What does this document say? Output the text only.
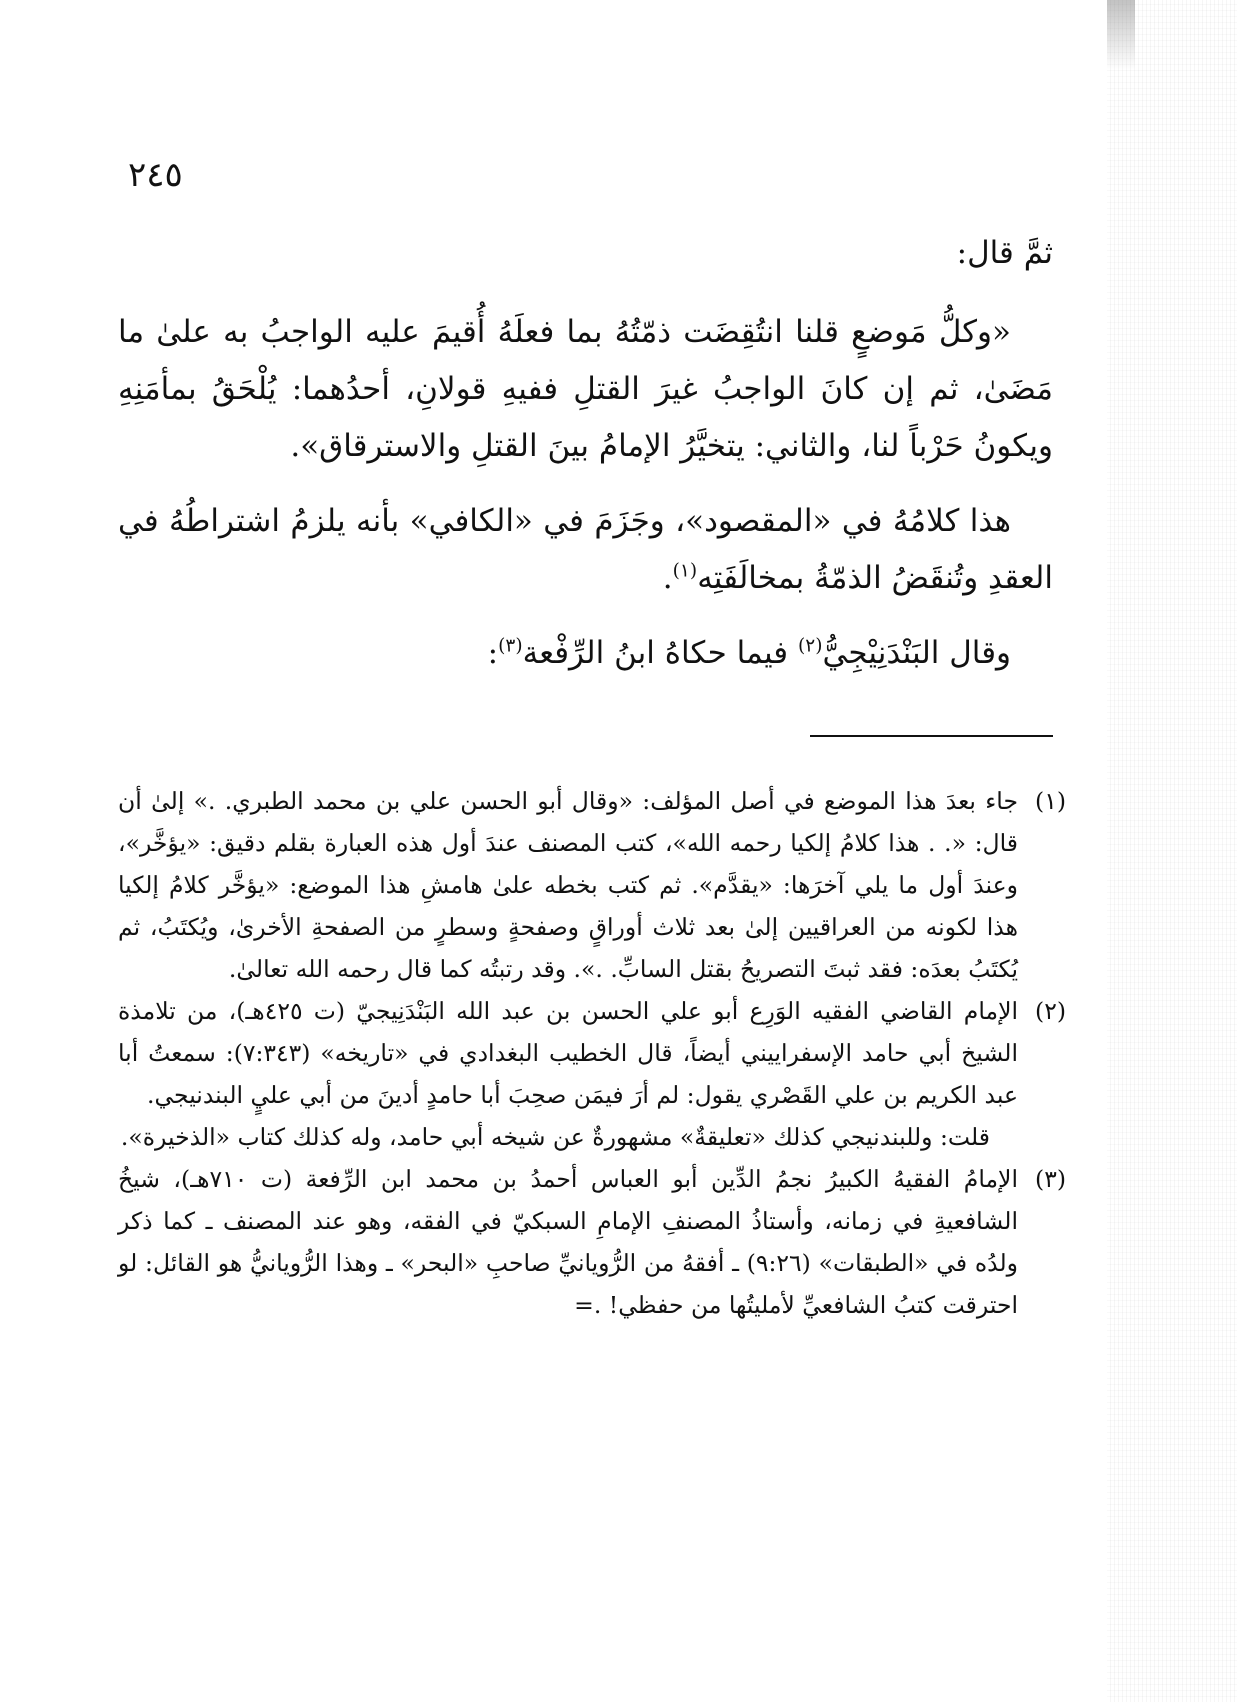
٢٤٥

ثمَّ قال:

«وكلُّ مَوضعٍ قلنا انتُقِضَت ذمّتُهُ بما فعلَهُ أُقيمَ عليه الواجبُ به علىٰ ما مَضَىٰ، ثم إن كانَ الواجبُ غيرَ القتلِ ففيهِ قولانِ، أحدُهما: يُلْحَقُ بمأمَنِهِ ويكونُ حَرْباً لنا، والثاني: يتخيَّرُ الإمامُ بينَ القتلِ والاسترقاق».

هذا كلامُهُ في «المقصود»، وجَزَمَ في «الكافي» بأنه يلزمُ اشتراطُهُ في العقدِ وتُنقَضُ الذمّةُ بمخالَفَتِه$^{(١)}$.

وقال البَنْدَنِيْجِيُّ$^{(٢)}$ فيما حكاهُ ابنُ الرِّفْعة$^{(٣)}$:

(١)

جاء بعدَ هذا الموضع في أصل المؤلف: «وقال أبو الحسن علي بن محمد الطبري. .» إلىٰ أن قال: «. . هذا كلامُ إلكيا رحمه الله»، كتب المصنف عندَ أول هذه العبارة بقلم دقيق: «يؤخَّر»، وعندَ أول ما يلي آخرَها: «يقدَّم». ثم كتب بخطه علىٰ هامشِ هذا الموضع: «يؤخَّر كلامُ إلكيا هذا لكونه من العراقيين إلىٰ بعد ثلاث أوراقٍ وصفحةٍ وسطرٍ من الصفحةِ الأخرىٰ، ويُكتَبُ، ثم يُكتَبُ بعدَه: فقد ثبتَ التصريحُ بقتل السابِّ. .». وقد رتبتُه كما قال رحمه الله تعالىٰ.

(٢)

الإمام القاضي الفقيه الوَرِع أبو علي الحسن بن عبد الله البَنْدَنِيجيّ (ت ٤٢٥هـ)، من تلامذة الشيخ أبي حامد الإسفراييني أيضاً، قال الخطيب البغدادي في «تاريخه» (٧:٣٤٣): سمعتُ أبا عبد الكريم بن علي القَصْري يقول: لم أرَ فيمَن صحِبَ أبا حامدٍ أدينَ من أبي عليٍ البندنيجي.

قلت: وللبندنيجي كذلك «تعليقةٌ» مشهورةٌ عن شيخه أبي حامد، وله كذلك كتاب «الذخيرة».

(٣)

الإمامُ الفقيهُ الكبيرُ نجمُ الدِّين أبو العباس أحمدُ بن محمد ابن الرِّفعة (ت ٧١٠هـ)، شيخُ الشافعيةِ في زمانه، وأستاذُ المصنفِ الإمامِ السبكيّ في الفقه، وهو عند المصنف ـ كما ذكر ولدُه في «الطبقات» (٩:٢٦) ـ أفقهُ من الرُّويانيِّ صاحبِ «البحر» ـ وهذا الرُّويانيُّ هو القائل: لو احترقت كتبُ الشافعيِّ لأمليتُها من حفظي! .=
